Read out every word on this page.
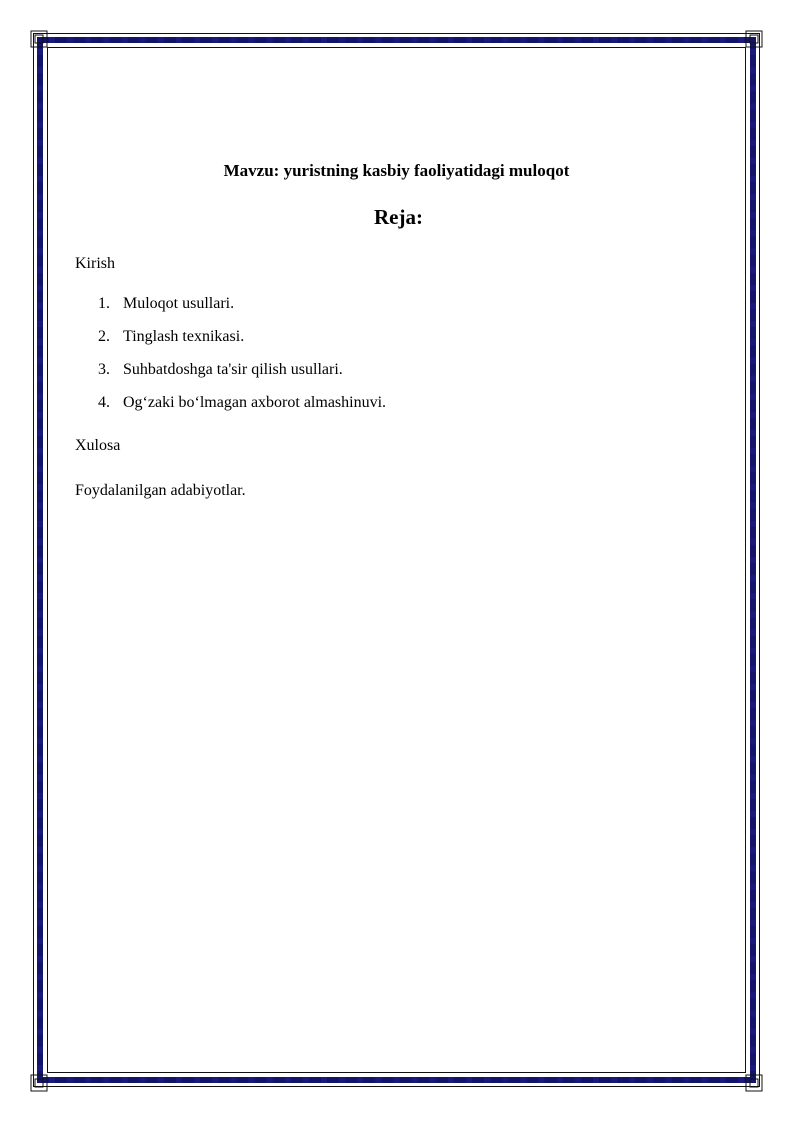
Mavzu: yuristning kasbiy faoliyatidagi muloqot
Reja:

Kirish

1. Muloqot usullari.
2. Tinglash texnikasi.
3. Suhbatdoshga ta'sir qilish usullari.
4. Og‘zaki bo‘lmagan axborot almashinuvi.

Xulosa

Foydalanilgan adabiyotlar.
